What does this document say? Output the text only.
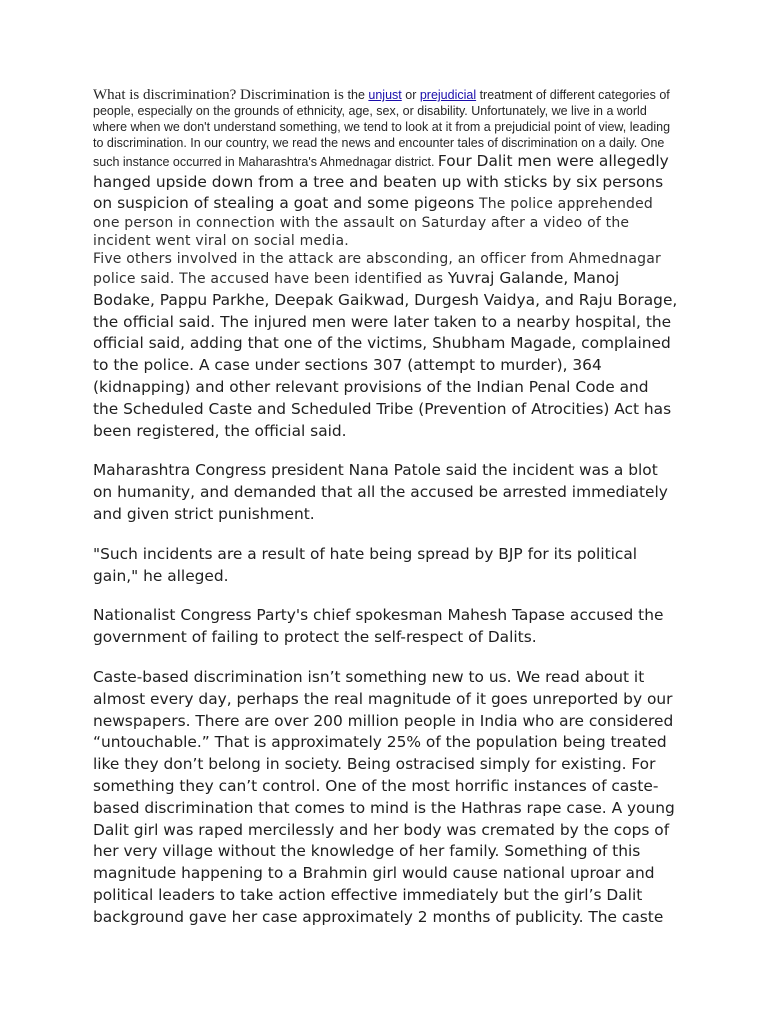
What is discrimination? Discrimination is the unjust or prejudicial treatment of different categories of people, especially on the grounds of ethnicity, age, sex, or disability. Unfortunately, we live in a world where when we don't understand something, we tend to look at it from a prejudicial point of view, leading to discrimination. In our country, we read the news and encounter tales of discrimination on a daily. One such instance occurred in Maharashtra's Ahmednagar district. Four Dalit men were allegedly hanged upside down from a tree and beaten up with sticks by six persons on suspicion of stealing a goat and some pigeons The police apprehended one person in connection with the assault on Saturday after a video of the incident went viral on social media.

Five others involved in the attack are absconding, an officer from Ahmednagar police said. The accused have been identified as Yuvraj Galande, Manoj Bodake, Pappu Parkhe, Deepak Gaikwad, Durgesh Vaidya, and Raju Borage, the official said. The injured men were later taken to a nearby hospital, the official said, adding that one of the victims, Shubham Magade, complained to the police. A case under sections 307 (attempt to murder), 364 (kidnapping) and other relevant provisions of the Indian Penal Code and the Scheduled Caste and Scheduled Tribe (Prevention of Atrocities) Act has been registered, the official said.

Maharashtra Congress president Nana Patole said the incident was a blot on humanity, and demanded that all the accused be arrested immediately and given strict punishment.

"Such incidents are a result of hate being spread by BJP for its political gain," he alleged.

Nationalist Congress Party's chief spokesman Mahesh Tapase accused the government of failing to protect the self-respect of Dalits.

Caste-based discrimination isn’t something new to us. We read about it almost every day, perhaps the real magnitude of it goes unreported by our newspapers. There are over 200 million people in India who are considered “untouchable.” That is approximately 25% of the population being treated like they don’t belong in society. Being ostracised simply for existing. For something they can’t control. One of the most horrific instances of caste-based discrimination that comes to mind is the Hathras rape case. A young Dalit girl was raped mercilessly and her body was cremated by the cops of her very village without the knowledge of her family. Something of this magnitude happening to a Brahmin girl would cause national uproar and political leaders to take action effective immediately but the girl’s Dalit background gave her case approximately 2 months of publicity. The caste
